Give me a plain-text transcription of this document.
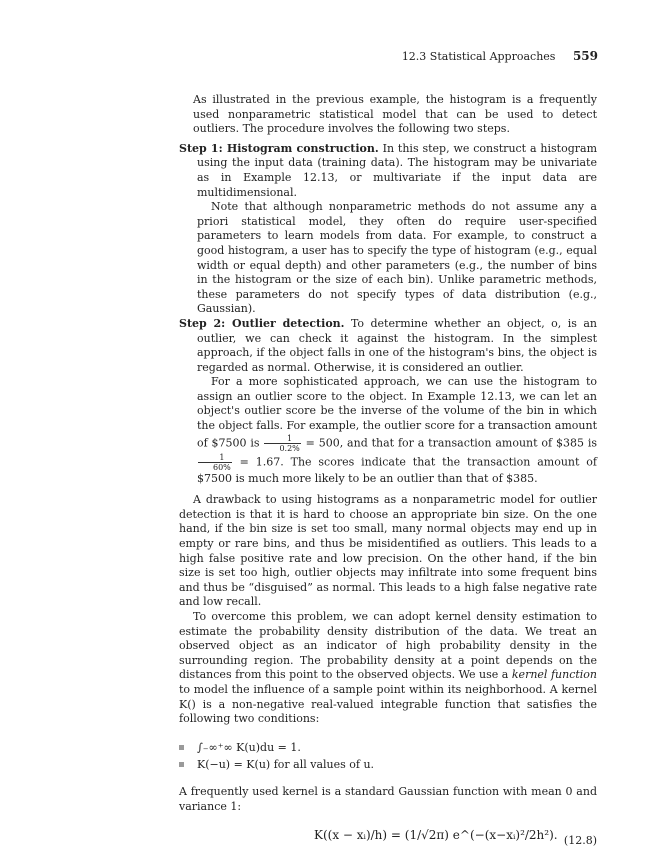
12.3 Statistical Approaches 559

As illustrated in the previous example, the histogram is a frequently used nonparametric statistical model that can be used to detect outliers. The procedure involves the following two steps.

Step 1: Histogram construction. In this step, we construct a histogram using the input data (training data). The histogram may be univariate as in Example 12.13, or multivariate if the input data are multidimensional.

Note that although nonparametric methods do not assume any a priori statistical model, they often do require user-specified parameters to learn models from data. For example, to construct a good histogram, a user has to specify the type of histogram (e.g., equal width or equal depth) and other parameters (e.g., the number of bins in the histogram or the size of each bin). Unlike parametric methods, these parameters do not specify types of data distribution (e.g., Gaussian).

Step 2: Outlier detection. To determine whether an object, o, is an outlier, we can check it against the histogram. In the simplest approach, if the object falls in one of the histogram's bins, the object is regarded as normal. Otherwise, it is considered an outlier.

For a more sophisticated approach, we can use the histogram to assign an outlier score to the object. In Example 12.13, we can let an object's outlier score be the inverse of the volume of the bin in which the object falls. For example, the outlier score for a transaction amount of $7500 is $\frac{1}{0.2\%} = 500$, and that for a transaction amount of $385 is
$\frac{1}{60\%} = 1.67$. The scores indicate that the transaction amount of $7500 is much more likely to be an outlier than that of $385.

A drawback to using histograms as a nonparametric model for outlier detection is that it is hard to choose an appropriate bin size. On the one hand, if the bin size is set too small, many normal objects may end up in empty or rare bins, and thus be misidentified as outliers. This leads to a high false positive rate and low precision. On the other hand, if the bin size is set too high, outlier objects may infiltrate into some frequent bins and thus be “disguised” as normal. This leads to a high false negative rate and low recall.

To overcome this problem, we can adopt kernel density estimation to estimate the probability density distribution of the data. We treat an observed object as an indicator of high probability density in the surrounding region. The probability density at a point depends on the distances from this point to the observed objects. We use a kernel function to model the influence of a sample point within its neighborhood. A kernel K() is a non-negative real-valued integrable function that satisfies the following two conditions:

∫₋∞⁺∞ K(u)du = 1.
K(−u) = K(u) for all values of u.

A frequently used kernel is a standard Gaussian function with mean 0 and variance 1:

K((x − xᵢ)/h) = (1/√2π) e^(−(x−xᵢ)²/2h²). (12.8)
